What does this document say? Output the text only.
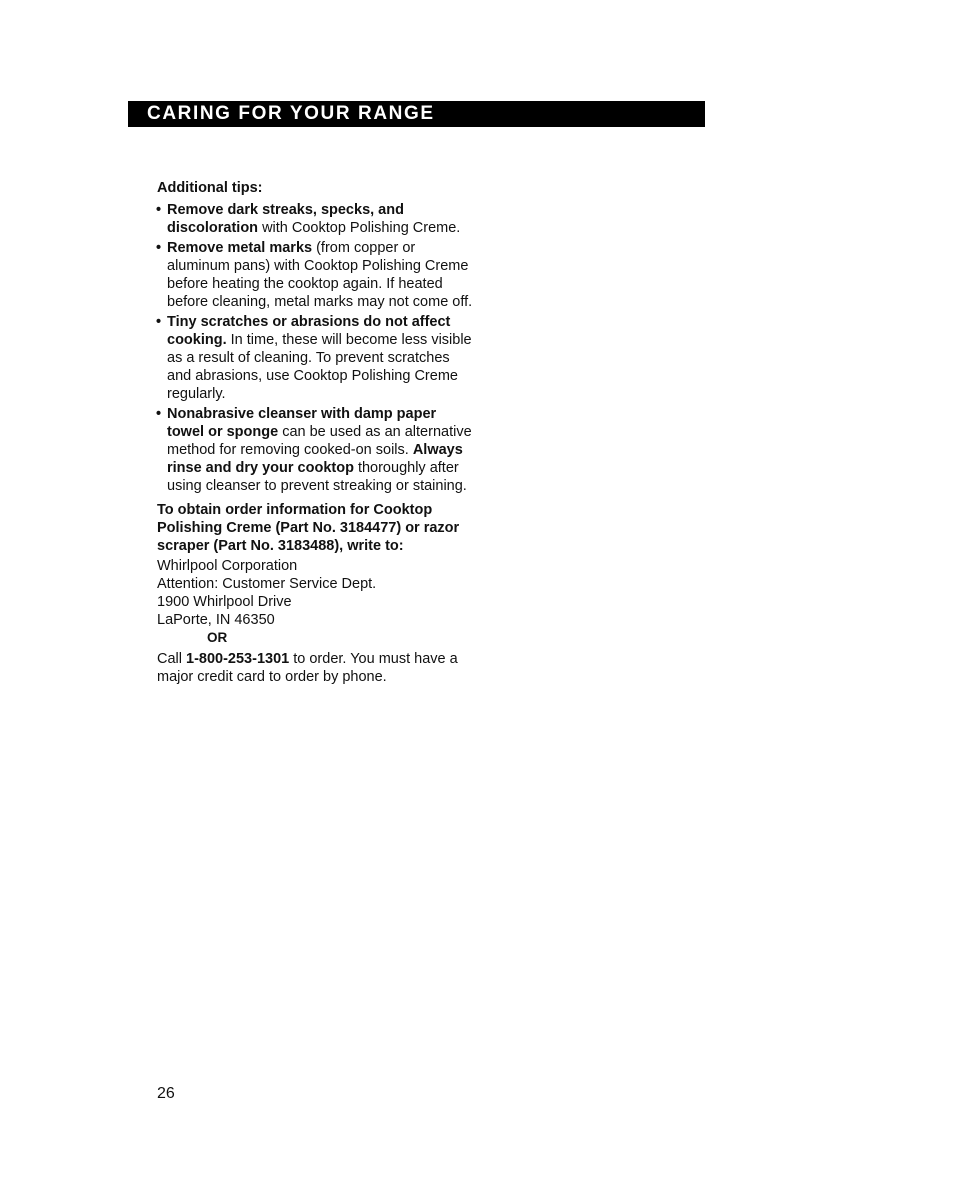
CARING FOR YOUR RANGE
Additional tips:
• Remove dark streaks, specks, and discoloration with Cooktop Polishing Creme.
• Remove metal marks (from copper or aluminum pans) with Cooktop Polishing Creme before heating the cooktop again. If heated before cleaning, metal marks may not come off.
• Tiny scratches or abrasions do not affect cooking. In time, these will become less visible as a result of cleaning. To prevent scratches and abrasions, use Cooktop Polishing Creme regularly.
• Nonabrasive cleanser with damp paper towel or sponge can be used as an alternative method for removing cooked-on soils. Always rinse and dry your cooktop thoroughly after using cleanser to prevent streaking or staining.
To obtain order information for Cooktop Polishing Creme (Part No. 3184477) or razor scraper (Part No. 3183488), write to:
Whirlpool Corporation
Attention: Customer Service Dept.
1900 Whirlpool Drive
LaPorte, IN 46350
OR
Call 1-800-253-1301 to order. You must have a major credit card to order by phone.
26
